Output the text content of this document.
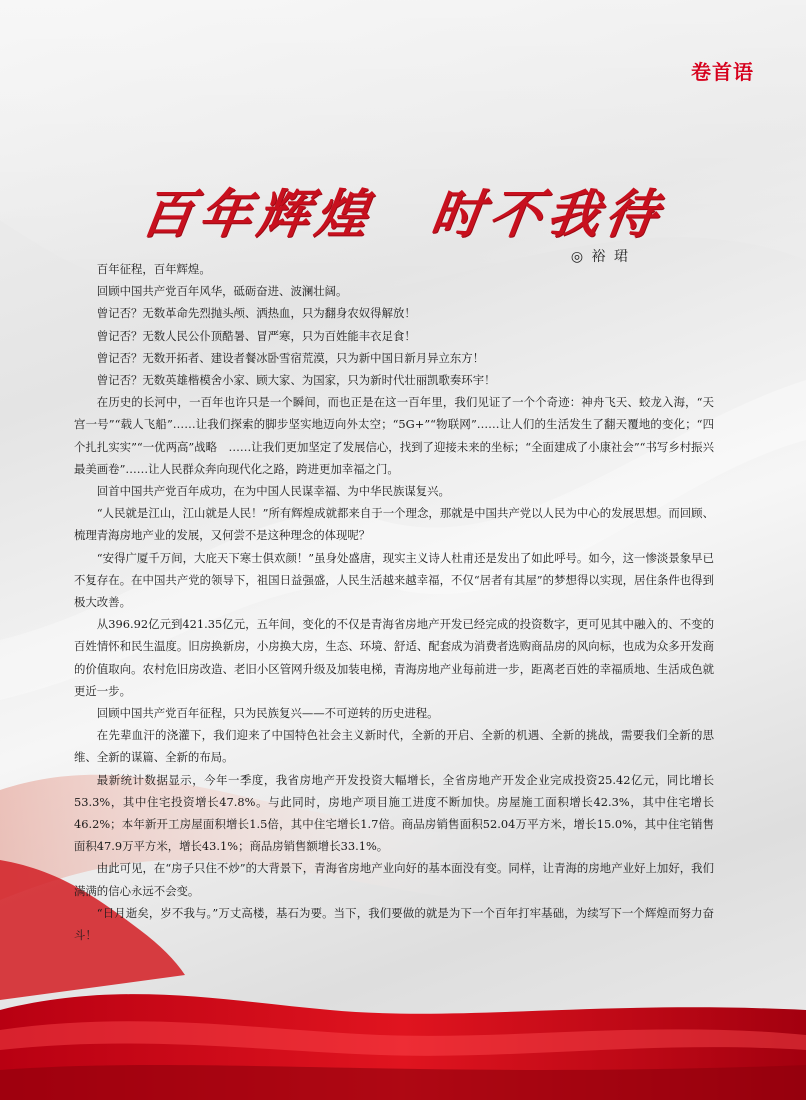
卷首语
百年辉煌　时不我待
◎ 裕 珺

百年征程，百年辉煌。

回顾中国共产党百年风华，砥砺奋进、波澜壮阔。

曾记否？无数革命先烈抛头颅、洒热血，只为翻身农奴得解放！

曾记否？无数人民公仆顶酷暑、冒严寒，只为百姓能丰衣足食！

曾记否？无数开拓者、建设者餐冰卧雪宿荒漠，只为新中国日新月异立东方！

曾记否？无数英雄楷模舍小家、顾大家、为国家，只为新时代壮丽凯歌奏环宇！

在历史的长河中，一百年也许只是一个瞬间，而也正是在这一百年里，我们见证了一个个奇迹：神舟飞天、蛟龙入海，“天宫一号”“载人飞船”……让我们探索的脚步坚实地迈向外太空；“5G+”“物联网”……让人们的生活发生了翻天覆地的变化；“四个扎扎实实”“一优两高”战略　……让我们更加坚定了发展信心，找到了迎接未来的坐标；“全面建成了小康社会”“书写乡村振兴最美画卷”……让人民群众奔向现代化之路，跨进更加幸福之门。

回首中国共产党百年成功，在为中国人民谋幸福、为中华民族谋复兴。

“人民就是江山，江山就是人民！”所有辉煌成就都来自于一个理念，那就是中国共产党以人民为中心的发展思想。而回顾、梳理青海房地产业的发展，又何尝不是这种理念的体现呢？

“安得广厦千万间，大庇天下寒士俱欢颜！”虽身处盛唐，现实主义诗人杜甫还是发出了如此呼号。如今，这一惨淡景象早已不复存在。在中国共产党的领导下，祖国日益强盛，人民生活越来越幸福，不仅“居者有其屋”的梦想得以实现，居住条件也得到极大改善。

从396.92亿元到421.35亿元，五年间，变化的不仅是青海省房地产开发已经完成的投资数字，更可见其中融入的、不变的百姓情怀和民生温度。旧房换新房，小房换大房，生态、环境、舒适、配套成为消费者选购商品房的风向标，也成为众多开发商的价值取向。农村危旧房改造、老旧小区管网升级及加装电梯，青海房地产业每前进一步，距离老百姓的幸福质地、生活成色就更近一步。

回顾中国共产党百年征程，只为民族复兴——不可逆转的历史进程。

在先辈血汗的浇灌下，我们迎来了中国特色社会主义新时代，全新的开启、全新的机遇、全新的挑战，需要我们全新的思维、全新的谋篇、全新的布局。

最新统计数据显示，今年一季度，我省房地产开发投资大幅增长，全省房地产开发企业完成投资25.42亿元，同比增长53.3%，其中住宅投资增长47.8%。与此同时，房地产项目施工进度不断加快。房屋施工面积增长42.3%，其中住宅增长46.2%；本年新开工房屋面积增长1.5倍，其中住宅增长1.7倍。商品房销售面积52.04万平方米，增长15.0%，其中住宅销售面积47.9万平方米，增长43.1%；商品房销售额增长33.1%。

由此可见，在“房子只住不炒”的大背景下，青海省房地产业向好的基本面没有变。同样，让青海的房地产业好上加好，我们满满的信心永远不会变。

“日月逝矣，岁不我与。”万丈高楼，基石为要。当下，我们要做的就是为下一个百年打牢基础，为续写下一个辉煌而努力奋斗！
